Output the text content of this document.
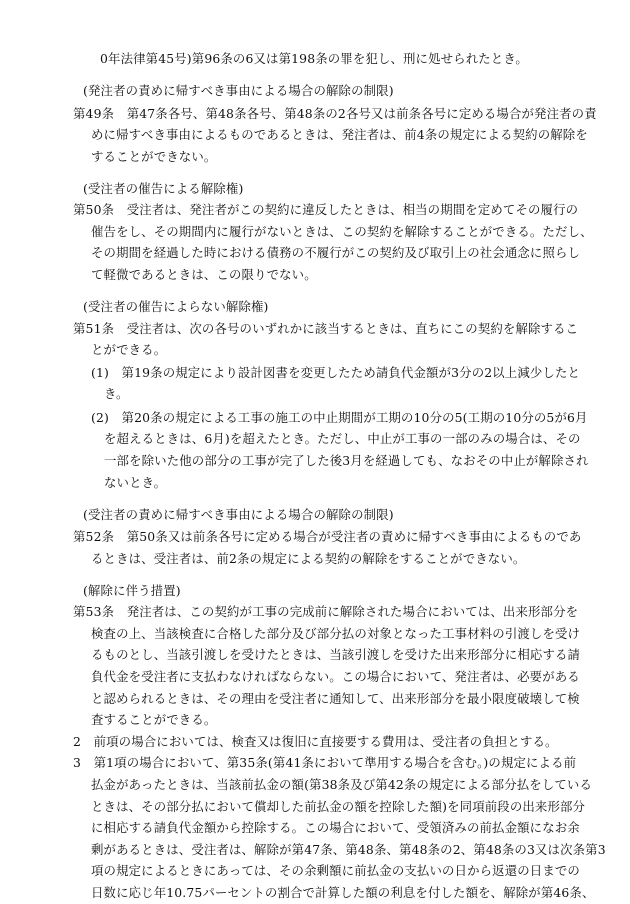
0年法律第45号)第96条の6又は第198条の罪を犯し、刑に処せられたとき。
(発注者の責めに帰すべき事由による場合の解除の制限)
第49条　第47条各号、第48条各号、第48条の2各号又は前条各号に定める場合が発注者の責
めに帰すべき事由によるものであるときは、発注者は、前4条の規定による契約の解除を
することができない。
(受注者の催告による解除権)
第50条　受注者は、発注者がこの契約に違反したときは、相当の期間を定めてその履行の
催告をし、その期間内に履行がないときは、この契約を解除することができる。ただし、
その期間を経過した時における債務の不履行がこの契約及び取引上の社会通念に照らし
て軽微であるときは、この限りでない。
(受注者の催告によらない解除権)
第51条　受注者は、次の各号のいずれかに該当するときは、直ちにこの契約を解除するこ
とができる。
(1)　第19条の規定により設計図書を変更したため請負代金額が3分の2以上減少したと
き。
(2)　第20条の規定による工事の施工の中止期間が工期の10分の5(工期の10分の5が6月
を超えるときは、6月)を超えたとき。ただし、中止が工事の一部のみの場合は、その
一部を除いた他の部分の工事が完了した後3月を経過しても、なおその中止が解除され
ないとき。
(受注者の責めに帰すべき事由による場合の解除の制限)
第52条　第50条又は前条各号に定める場合が受注者の責めに帰すべき事由によるものであ
るときは、受注者は、前2条の規定による契約の解除をすることができない。
(解除に伴う措置)
第53条　発注者は、この契約が工事の完成前に解除された場合においては、出来形部分を
検査の上、当該検査に合格した部分及び部分払の対象となった工事材料の引渡しを受け
るものとし、当該引渡しを受けたときは、当該引渡しを受けた出来形部分に相応する請
負代金を受注者に支払わなければならない。この場合において、発注者は、必要がある
と認められるときは、その理由を受注者に通知して、出来形部分を最小限度破壊して検
査することができる。
2　前項の場合においては、検査又は復旧に直接要する費用は、受注者の負担とする。
3　第1項の場合において、第35条(第41条において準用する場合を含む。)の規定による前
払金があったときは、当該前払金の額(第38条及び第42条の規定による部分払をしている
ときは、その部分払において償却した前払金の額を控除した額)を同項前段の出来形部分
に相応する請負代金額から控除する。この場合において、受領済みの前払金額になお余
剰があるときは、受注者は、解除が第47条、第48条、第48条の2、第48条の3又は次条第3
項の規定によるときにあっては、その余剰額に前払金の支払いの日から返還の日までの
日数に応じ年10.75パーセントの割合で計算した額の利息を付した額を、解除が第46条、
